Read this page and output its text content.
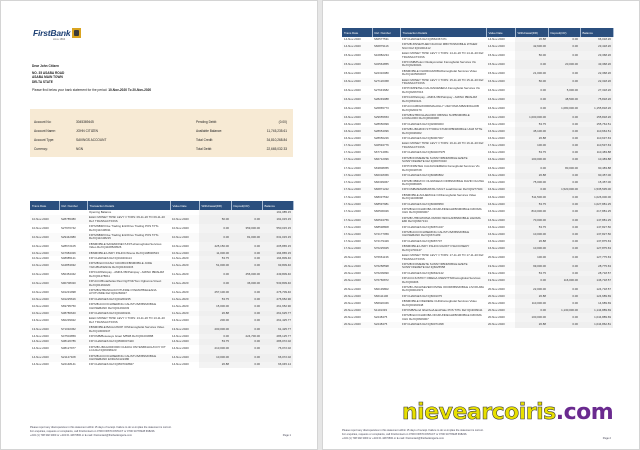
FirstBank
since 1894
Dear John Citizen
NO. 35 ASABA ROAD
ASABA MAIN TOWN
DELTA STATE
Please find below your bank statement for the period: 10-Nov-2020 To 20-Nov-2020
Account No:	3045369445	Pending Debit:	(0.00)
Account Name:	JOHN CITIZEN	Available Balance:	11,745,235.61
Account Type:	SAVINGS ACCOUNT	Total Credit:	34,810,268.84
Currency:	NGN	Total Debit:	22,665,032.33
Trans Date	Ref. Number	Transaction Details	Value Date	Withdrawal(DR)	Deposit(CR)	Balance
		Opening Balance				191,085.15
10-Nov-2020	S28785380	ELEC MONEY TRSF LEVY // TO6S: 09-11-20 TO 09-11-20 Ref: TRANSACTIONS	10-Nov-2020	50.00	0.00	191,015.15
10-Nov-2020	S27970742	FIP:MNBR/Orive Trading Ent/Orive Trading POS TrfTo Ref:IQ11/108011	10-Nov-2020	0.00	359,000.00	550,015.15
10-Nov-2020	S29442980	FIP:MNBR/Orive Trading Ent/Orive Trading POS TrfTo Ref:IQ11/108215	10-Nov-2020	0.00	81,000.00	631,015.15
10-Nov-2020	S28672105	FBNMOBILE:SAVEMONEY/UNIT.eFamogbolat Services Video Ref:IQ1108520526	10-Nov-2020	425,150.00	0.00	205,865.15
10-Nov-2020	S47984326	FBNMOBILE:LINDY FSHOC/Nnene Ref:IQ108630523	10-Nov-2020	11,000.00	0.00	194,865.15
10-Nov-2020	S48985121	FIP CHARGES Ref:IQ010401114	11-Nov-2020	53.75	0.00	194,809.40
10-Nov-2020	S44853932	FIP:MB ECOCASH YAKUBU/FBNMOBILE JUDE YAKUBU/FENCE Ref:IQ01603415	11-Nov-2020	51,000.00	0.00	93,809.40
10-Nov-2020	S50454342	FIP:FLR/Palmpay - AMINU BFPalmpay - AMINU IBRAHIM Ref:IQ01278011	11-Nov-2020	0.00	456,000.00	449,809.40
10-Nov-2020	S90708320	FIP:ACC/Brotatholas Paul Og/TNF/Tom Ogbonna Vinext Ref:IQ01260220	11-Nov-2020	0.00	36,000.00	533,809.40
10-Nov-2020	S01231998	FIP:MB ETBANKA/AYOTUNDE OYEMATB/ELEANA AYOTUNDE Ref:IQ01284927	11-Nov-2020	257,100.00	0.00	276,709.40
10-Nov-2020	S01225616	FIP CHARGES Ref:IQ01260235	11-Nov-2020	53.75	0.00	276,652.90
10-Nov-2020	S69795750	FIP:MB ACCOCHISERING CALISTUS/FBNMOBILE CHOSEBANK Ref:IQ01290233	11-Nov-2020	15,000.00	0.00	261,652.90
10-Nov-2020	S38786640	FIP CHARGES Ref:IQ01460241	11-Nov-2020	26.88	0.00	261,625.77
13-Nov-2020	S60239922	ELEC MONEY TRSF LEVY // TO6S: 13-11-20 TO 13-11-20 Ref: TRANSACTIONS	13-Nov-2020	200.00	0.00	261,425.77
13-Nov-2020	S71032362	FBNMOBILE:BAGLUWOP /OSFamogbolat Services Video Ref:IQ13030347	13-Nov-2020	200,000.00	0.00	61,425.77
14-Nov-2020	S47504859	FIP:KMB/Boseseye Israel S/BSB Ref:IQ61003688	14-Nov-2020	0.00	224,700.00	286,125.77
14-Nov-2020	S38126786	FIP CHARGES Ref:IQ0506007420	14-Nov-2020	53.75	0.00	286,072.02
14-Nov-2020	S38127977	FIP:MB LIBAGODFORD CHIAKA ONYENBKHUL/ICOY KIT LCA Ref:IQ06038123	14-Nov-2020	210,000.00	0.00	76,072.02
14-Nov-2020	S21147328	FIP:MB ACCOCHISERING CALISTUS/FBNMOBILE CHOSEBANK EXRASCH/2480	14-Nov-2020	10,000.00	0.00	66,072.02
14-Nov-2020	S22148141	FIP CHARGES Ref:IQ0507018847	14-Nov-2020	26.88	0.00	66,045.14
Please report any discrepancies in this statement within 15 days of receipt. Failure to do so implies the statement is correct.
For enquiries, requests or complaints, call FirstContact on 0700 FIRSTCONTACT or 0700 34778228 668226.
+234 (1) 708 392 3000 or +234 01 448 5500 or E-mail: firstcontact@firstbanknigeria.com	Page 1
Trans Date	Ref. Number	Transaction Details	Value Date	Withdrawal(DR)	Deposit(CR)	Balance
14-Nov-2020	S66577531	FIP CHARGES Ref:IQ0562367471	14-Nov-2020	26.88	0.00	66,018.26
14-Nov-2020	S66879116	FIP:MB ZINSEITHER NGOCHI MBOTKNMOBILE ZITHER NGO Ref:IQ01001412	14-Nov-2020	42,600.00	0.00	23,418.26
15-Nov-2020	S10882234	ELEC MONEY TRSF LEVY // TO6S: 14-11-20 TO 14-11-20 Ref: TRANSACTIONS	15-Nov-2020	50.00	0.00	23,368.26
15-Nov-2020	S32564855	FIP:FCMB/Pelen Oludayomolan Famogbolat Services Vis Ref:IQ6240021	15-Nov-2020	0.00	20,000.00	43,368.26
15-Nov-2020	S22316080	FBNMOBILE:OHORCHMOBA/Famogbolat Services Video Ref:IQ1105060007	15-Nov-2020	21,000.00	0.00	22,368.26
16-Nov-2020	S27120368	ELEC MONEY TRSF LEVY // TO6S: 15-11-20 TO 15-11-20 Ref: TRANSACTIONS	16-Nov-2020	50.00	0.00	22,318.26
16-Nov-2020	S27643682	FIP:POMPETEH CALIGNUEMEKA Famogbolat Services Vis Ref:IQ62067016	16-Nov-2020	0.00	5,000.00	27,318.26
16-Nov-2020	S28249088	FIP:FLR/Palmpay - AMINU BFPalmpay - AMINU IBRAHIM Ref:IQ6810121	16-Nov-2020	0.00	48,500.00	75,818.26
16-Nov-2020	S26865773	FIP:ACC/ABIGWORDMAHOLLY UFAYOMA MBANDIGHOB Ref:IQ6200179	16-Nov-2020	0.00	1,080,000.00	1,155,818.26
16-Nov-2020	S29655653	FIP:MB ETBO/GHAGORO OBINNA SUPBNMOBILE LOVAGORO Ref:IQ6600068	16-Nov-2020	1,000,000.00	0.00	155,818.26
16-Nov-2020	S28650999	FIP CHARGES Ref:IQ02009003	16-Nov-2020	53.75	0.00	155,764.51
16-Nov-2020	S28654096	FIP:MB LIBAIZON STTORIA STUROPBNMOBILE UGM STTE Ref:IQ0026002	16-Nov-2020	45,100.00	0.00	110,664.51
16-Nov-2020	S28656226	FIP CHARGES Ref:IQ60007007	16-Nov-2020	26.88	0.00	110,637.63
17-Nov-2020	S46594776	ELEC MONEY TRSF LEVY // TO6S: 16-11-20 TO 16-11-20 Ref: TRANSACTIONS	17-Nov-2020	100.00	0.00	110,537.63
17-Nov-2020	S67714951	FIP CHARGES Ref:IQ604007975	16-Nov-2020	53.75	0.00	110,483.88
17-Nov-2020	S66712096	FIP:MB IFOMEZETE SUNNY/FBNMOBILE EZETE SUNNY/FEMETE Ref:IQ06070043	16-Nov-2020	100,000.00	0.00	10,483.88
17-Nov-2020	S63808055	FIP:PONPETEH CALIGNUEMEKA Famogbolat Services Vis Ref:IQ6018728	16-Nov-2020	0.00	80,000.00	90,483.88
17-Nov-2020	S60018366	FIP CHARGES Ref:IQ60080862	16-Nov-2020	26.88	0.00	90,457.00
17-Nov-2020	S66339067	FIP:MB OBIDAYO OLIWASEUN OFBNMOBILE DAVID OLUWA Ref:IQ6066005	16-Nov-2020	75,000.00	0.00	15,457.00
17-Nov-2020	S66871222	FIP:FCMB/ZEMABURNSU MULT Lead/Usman Ref:IQ6277024	16-Nov-2020	0.00	1,520,000.00	1,535,535.00
17-Nov-2020	S68037532	FBNMOBILE:ACHEMULE OJIFamogbolat Services Video Ref:IQ11006098	16-Nov-2020	511,500.00	0.00	1,026,000.00
17-Nov-2020	S68597981	FIP CHARGES Ref:IQ60008950	16-Nov-2020	53.75	0.00	1,027,881.25
17-Nov-2020	S66506026	FIP:MB ECOCHIZOBA OFURUNDEGHFBNMOBILE DZIOMA CHU Ref:IQ6009007	16-Nov-2020	810,000.00	0.00	217,881.25
17-Nov-2020	S66534756	FIP:MB UTBO/ZIOMA OMODI ISDOLAFBNMOBILE LIEOMA EMI Ref:IQ6607134	16-Nov-2020	70,000.00	0.00	147,881.25
17-Nov-2020	S68538808	FIP CHARGES Ref:IQ60871047	16-Nov-2020	53.75	0.00	147,827.50
17-Nov-2020	S72177059	FIP:MB ACCOCHISERING CALISTUS/FBNMOBILE CHOSEBANK Ref:IQ6671189	16-Nov-2020	10,000.00	0.00	137,827.50
17-Nov-2020	S72179429	FIP CHARGES Ref:IQ6087707	16-Nov-2020	26.88	0.00	137,875.63
17-Nov-2020	S70225925	FBNMOBILE:LINDY FSHOC/UGOFT FSHOCISERY Ref:IQ1700147	16-Nov-2020	10,000.00	0.00	127,875.63
20-Nov-2020	S76661136	ELEC MONEY TRSF LEVY // TO6S: 17-11-20 TO 17-11-20 Ref: TRANSACTIONS	20-Nov-2020	100.00	0.00	127,775.63
20-Nov-2020	S76258598	FIP:MB IFOMEZETE SUNNY/FBNMOBILE EZETE SUNNY/FEMETE Ref:IQ6025558	19-Nov-2020	99,000.00	0.00	28,775.63
20-Nov-2020	S76209990	FIP CHARGES Ref:IQ60632142	19-Nov-2020	53.75	0.00	28,718.57
20-Nov-2020	S76766872	FIP:ACC/JUSTIFY OMEGA UNESTTSFFamogbolat Services Ref:IQ60406	19-Nov-2020	0.00	116,000.00	146,718.57
20-Nov-2020	S60139802	FIP:MB LINCHISEVER DIVINE OKORFBNMOBILE LIVOKUMA Ref:IQ60010372	20-Nov-2020	22,000.00	0.00	124,718.57
20-Nov-2020	S66111106	FIP CHARGES Ref:IQ6001075	20-Nov-2020	26.88	0.00	124,689.69
20-Nov-2020	S56920346	FBNMOBILE:OKEREKE CHIGFamogbolat Services Video Ref:IQ60160348	20-Nov-2020	110,000.00	0.00	14,689.69
20-Nov-2020	S1101333	FIP:KMB/Sond Ikhel/Ivo/Hand/Vale POS TrfTo Ref:IQ13009111	20-Nov-2020	0.00	1,130,000.00	1,144,889.69
20-Nov-2020	S2248475	FIP:MB ECOCHIZOBA OFURUNDEGHFBNMOBILE DZIOMA CHU Ref:IQ6609007	20-Nov-2020	100,000.00	0.00	1,044,889.69
20-Nov-2020	S2248475	FIP CHARGES Ref:IQ60071098	20-Nov-2020	26.88	0.00	1,044,862.81
Please report any discrepancies in this statement within 15 days of receipt. Failure to do so implies the statement is correct.
For enquiries, requests or complaints, call FirstContact on 0700 FIRSTCONTACT or 0700 34778228 668226.
+234 (1) 708 392 3000 or +234 01 448 5500 or E-mail: firstcontact@firstbanknigeria.com	Page 2
nievearcoiris.com
